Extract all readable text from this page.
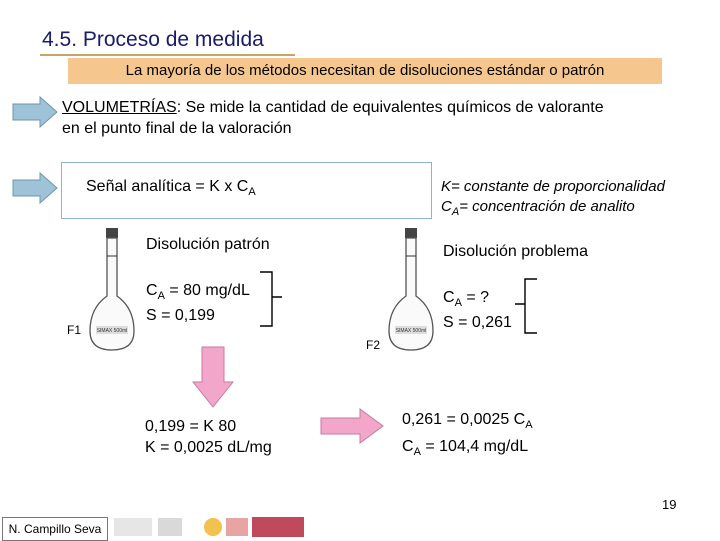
4.5. Proceso de medida
La mayoría de los métodos necesitan de disoluciones estándar o patrón
VOLUMETRÍAS: Se mide la cantidad de equivalentes químicos de valorante
en el punto final de la valoración
Señal analítica = K x $C_A$	K= constante de proporcionalidad
$C_A=$ concentración de analito
SIMAX 500ml
F1
Disolución patrón
$C_A = 80$ mg/dL
S = 0,199
SIMAX 500ml
F2
Disolución problema
$C_A$ = ?
S = 0,261
0,199 = K 80
K = 0,0025 dL/mg
0,261 = 0,0025 $C_A$
$C_A = 104,4$ mg/dL
19
N. Campillo Seva
